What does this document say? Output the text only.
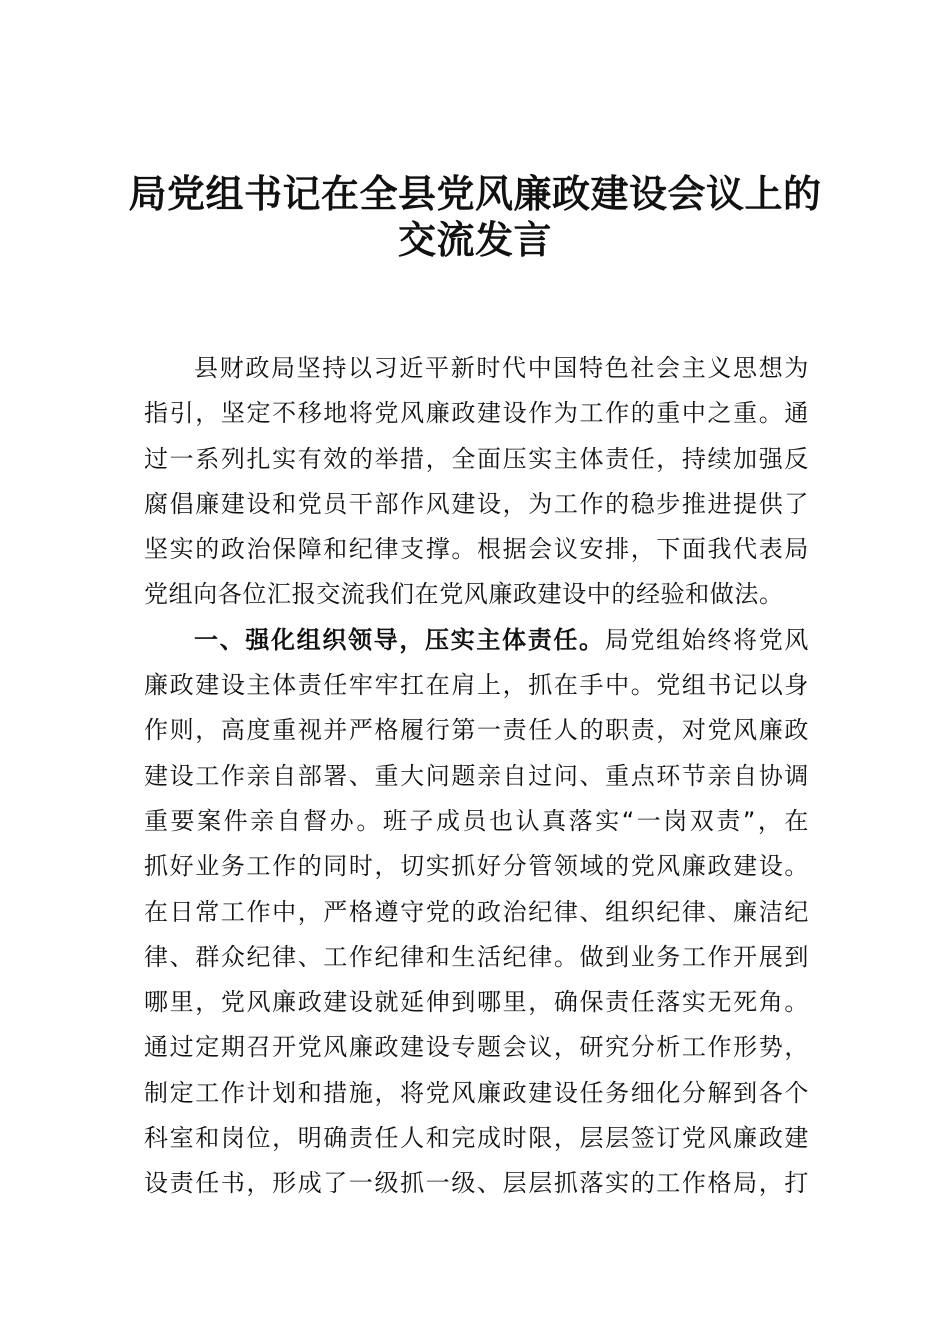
局党组书记在全县党风廉政建设会议上的
交流发言
县财政局坚持以习近平新时代中国特色社会主义思想为
指引，坚定不移地将党风廉政建设作为工作的重中之重。通
过一系列扎实有效的举措，全面压实主体责任，持续加强反
腐倡廉建设和党员干部作风建设，为工作的稳步推进提供了
坚实的政治保障和纪律支撑。根据会议安排，下面我代表局
党组向各位汇报交流我们在党风廉政建设中的经验和做法。
一、强化组织领导，压实主体责任。局党组始终将党风
廉政建设主体责任牢牢扛在肩上，抓在手中。党组书记以身
作则，高度重视并严格履行第一责任人的职责，对党风廉政
建设工作亲自部署、重大问题亲自过问、重点环节亲自协调
重要案件亲自督办。班子成员也认真落实“一岗双责”，在
抓好业务工作的同时，切实抓好分管领域的党风廉政建设。
在日常工作中，严格遵守党的政治纪律、组织纪律、廉洁纪
律、群众纪律、工作纪律和生活纪律。做到业务工作开展到
哪里，党风廉政建设就延伸到哪里，确保责任落实无死角。
通过定期召开党风廉政建设专题会议，研究分析工作形势，
制定工作计划和措施，将党风廉政建设任务细化分解到各个
科室和岗位，明确责任人和完成时限，层层签订党风廉政建
设责任书，形成了一级抓一级、层层抓落实的工作格局，打
